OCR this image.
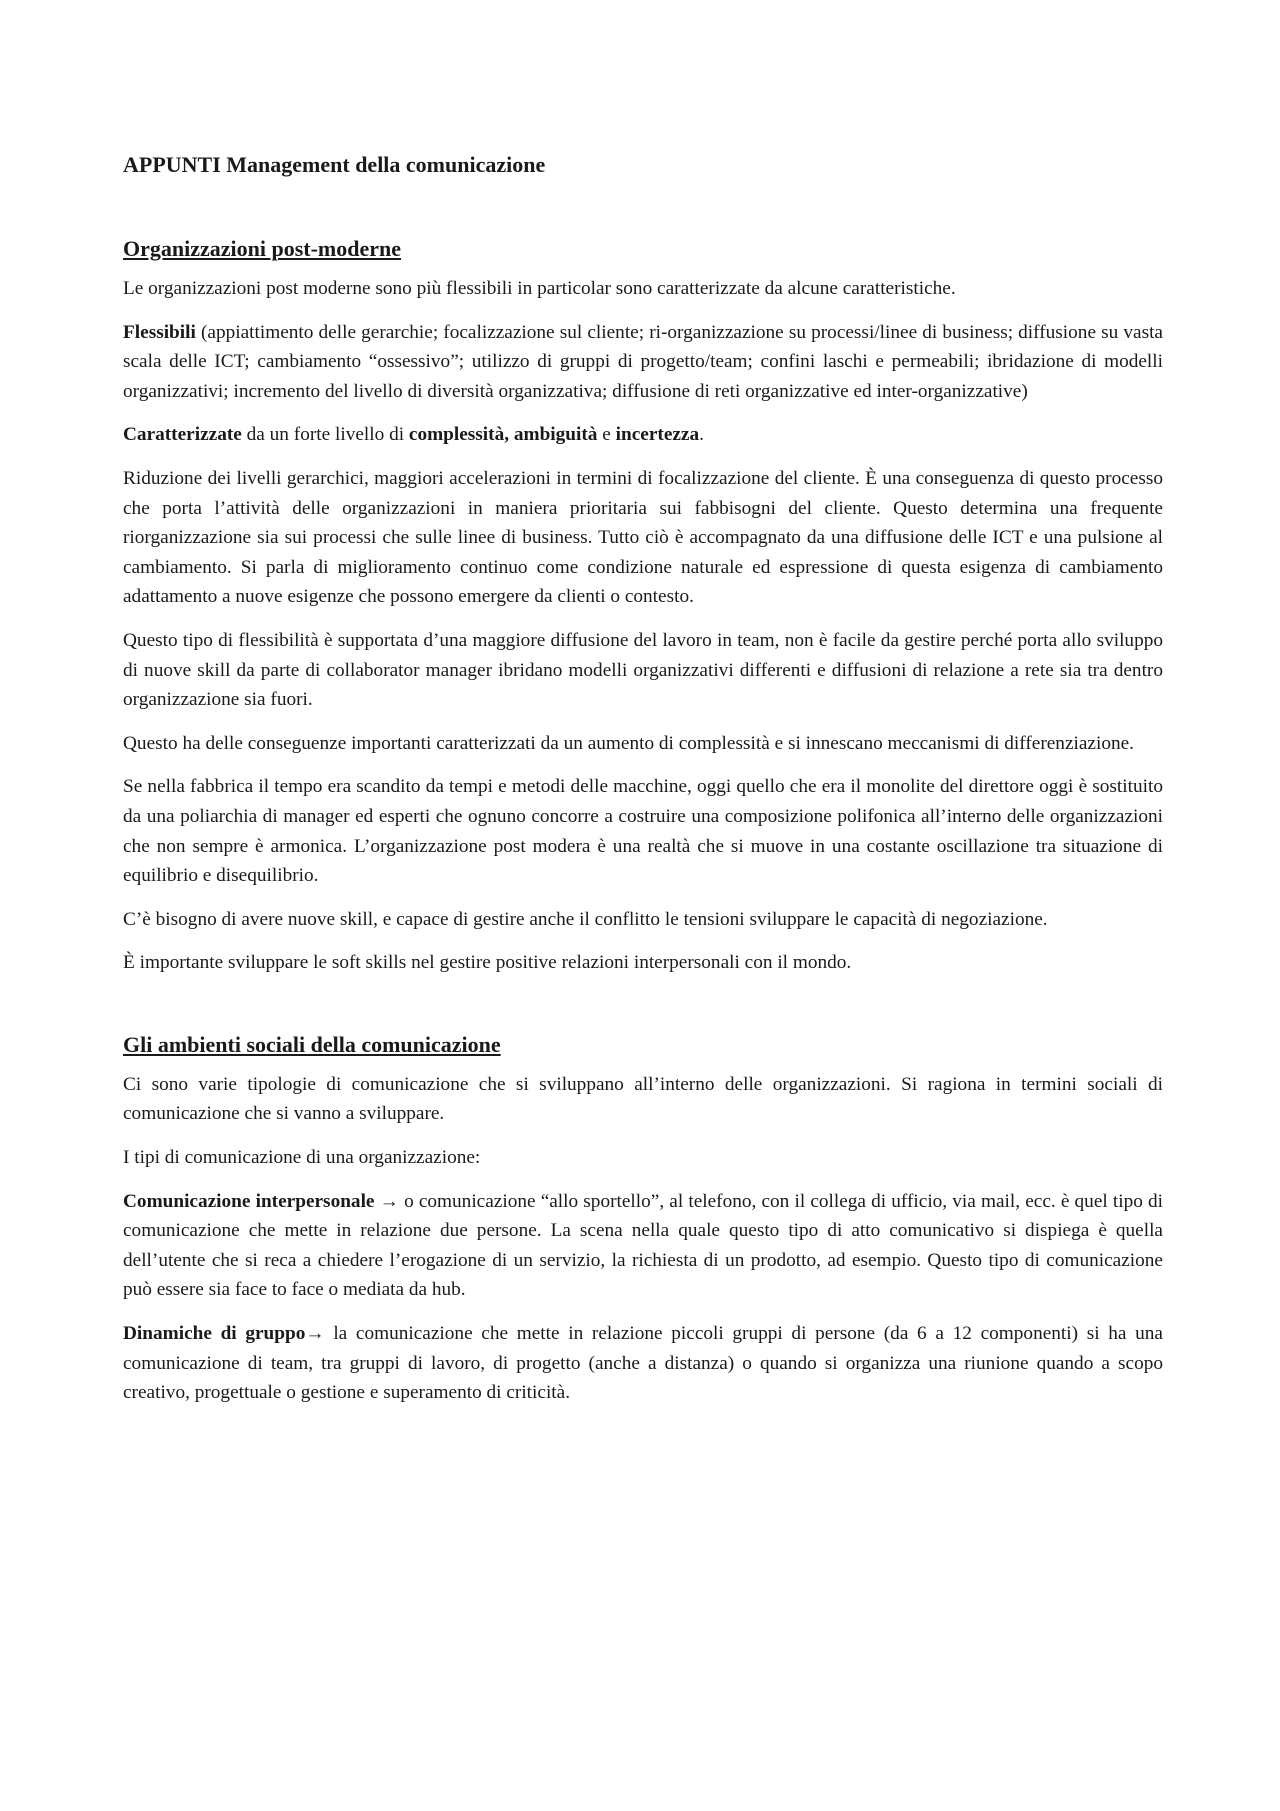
APPUNTI Management della comunicazione
Organizzazioni post-moderne

Le organizzazioni post moderne sono più flessibili in particolar sono caratterizzate da alcune caratteristiche.

Flessibili (appiattimento delle gerarchie; focalizzazione sul cliente; ri-organizzazione su processi/linee di business; diffusione su vasta scala delle ICT; cambiamento “ossessivo”; utilizzo di gruppi di progetto/team; confini laschi e permeabili; ibridazione di modelli organizzativi; incremento del livello di diversità organizzativa; diffusione di reti organizzative ed inter-organizzative)

Caratterizzate da un forte livello di complessità, ambiguità e incertezza.

Riduzione dei livelli gerarchici, maggiori accelerazioni in termini di focalizzazione del cliente. È una conseguenza di questo processo che porta l’attività delle organizzazioni in maniera prioritaria sui fabbisogni del cliente. Questo determina una frequente riorganizzazione sia sui processi che sulle linee di business. Tutto ciò è accompagnato da una diffusione delle ICT e una pulsione al cambiamento. Si parla di miglioramento continuo come condizione naturale ed espressione di questa esigenza di cambiamento adattamento a nuove esigenze che possono emergere da clienti o contesto.

Questo tipo di flessibilità è supportata d’una maggiore diffusione del lavoro in team, non è facile da gestire perché porta allo sviluppo di nuove skill da parte di collaborator manager ibridano modelli organizzativi differenti e diffusioni di relazione a rete sia tra dentro organizzazione sia fuori.

Questo ha delle conseguenze importanti caratterizzati da un aumento di complessità e si innescano meccanismi di differenziazione.

Se nella fabbrica il tempo era scandito da tempi e metodi delle macchine, oggi quello che era il monolite del direttore oggi è sostituito da una poliarchia di manager ed esperti che ognuno concorre a costruire una composizione polifonica all’interno delle organizzazioni che non sempre è armonica. L’organizzazione post modera è una realtà che si muove in una costante oscillazione tra situazione di equilibrio e disequilibrio.

C’è bisogno di avere nuove skill, e capace di gestire anche il conflitto le tensioni sviluppare le capacità di negoziazione.

È importante sviluppare le soft skills nel gestire positive relazioni interpersonali con il mondo.

Gli ambienti sociali della comunicazione

Ci sono varie tipologie di comunicazione che si sviluppano all’interno delle organizzazioni. Si ragiona in termini sociali di comunicazione che si vanno a sviluppare.

I tipi di comunicazione di una organizzazione:

Comunicazione interpersonale → o comunicazione “allo sportello”, al telefono, con il collega di ufficio, via mail, ecc. è quel tipo di comunicazione che mette in relazione due persone. La scena nella quale questo tipo di atto comunicativo si dispiega è quella dell’utente che si reca a chiedere l’erogazione di un servizio, la richiesta di un prodotto, ad esempio. Questo tipo di comunicazione può essere sia face to face o mediata da hub.

Dinamiche di gruppo→ la comunicazione che mette in relazione piccoli gruppi di persone (da 6 a 12 componenti) si ha una comunicazione di team, tra gruppi di lavoro, di progetto (anche a distanza) o quando si organizza una riunione quando a scopo creativo, progettuale o gestione e superamento di criticità.
